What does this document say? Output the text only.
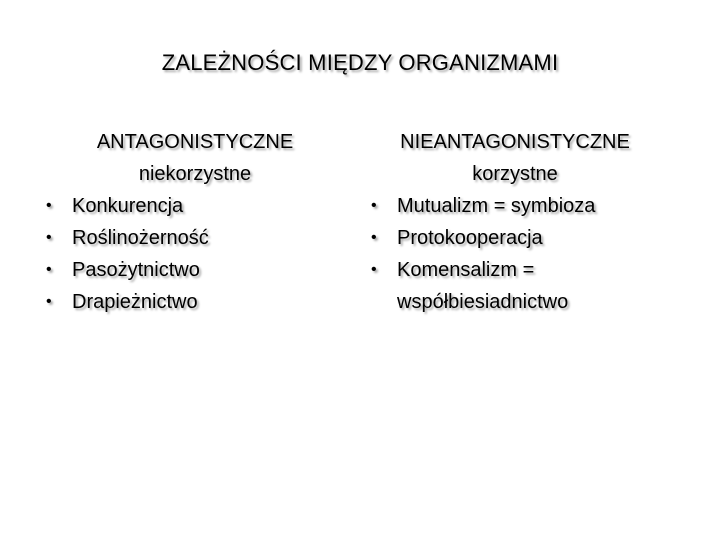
ZALEŻNOŚCI MIĘDZY ORGANIZMAMI
ANTAGONISTYCZNE
niekorzystne
• Konkurencja
• Roślinożerność
• Pasożytnictwo
• Drapieżnictwo
NIEANTAGONISTYCZNE
korzystne
• Mutualizm = symbioza
• Protokooperacja
• Komensalizm =
współbiesiadnictwo
